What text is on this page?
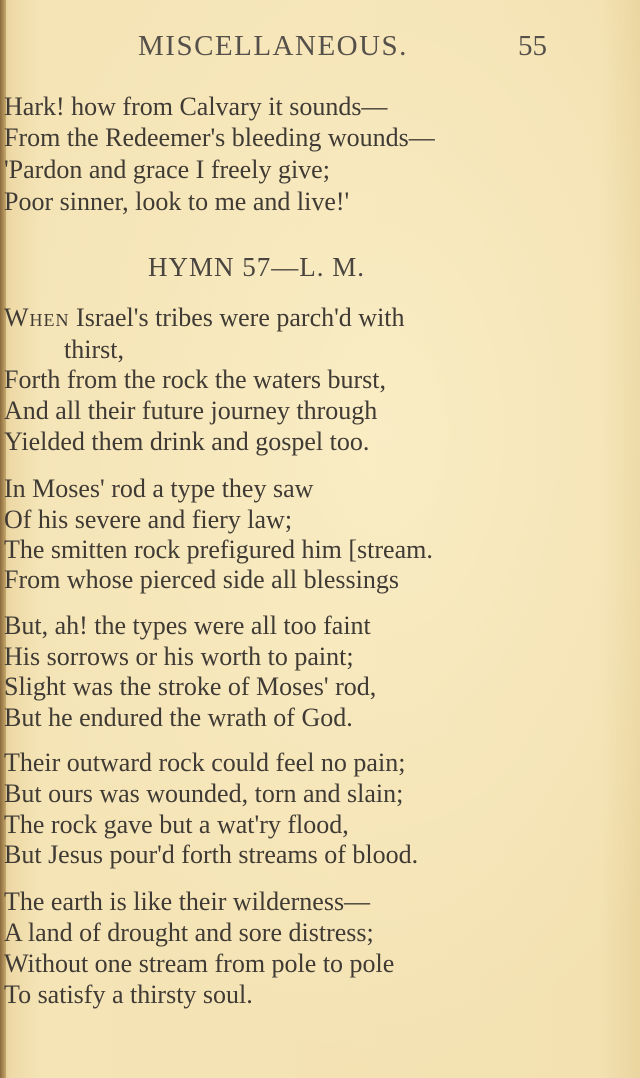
MISCELLANEOUS.	55
Hark! how from Calvary it sounds—
From the Redeemer's bleeding wounds—
'Pardon and grace I freely give;
Poor sinner, look to me and live!'
HYMN 57—L. M.
When Israel's tribes were parch'd with
thirst,
Forth from the rock the waters burst,
And all their future journey through
Yielded them drink and gospel too.
In Moses' rod a type they saw
Of his severe and fiery law;
The smitten rock prefigured him [stream.
From whose pierced side all blessings
But, ah! the types were all too faint
His sorrows or his worth to paint;
Slight was the stroke of Moses' rod,
But he endured the wrath of God.
Their outward rock could feel no pain;
But ours was wounded, torn and slain;
The rock gave but a wat'ry flood,
But Jesus pour'd forth streams of blood.
The earth is like their wilderness—
A land of drought and sore distress;
Without one stream from pole to pole
To satisfy a thirsty soul.
